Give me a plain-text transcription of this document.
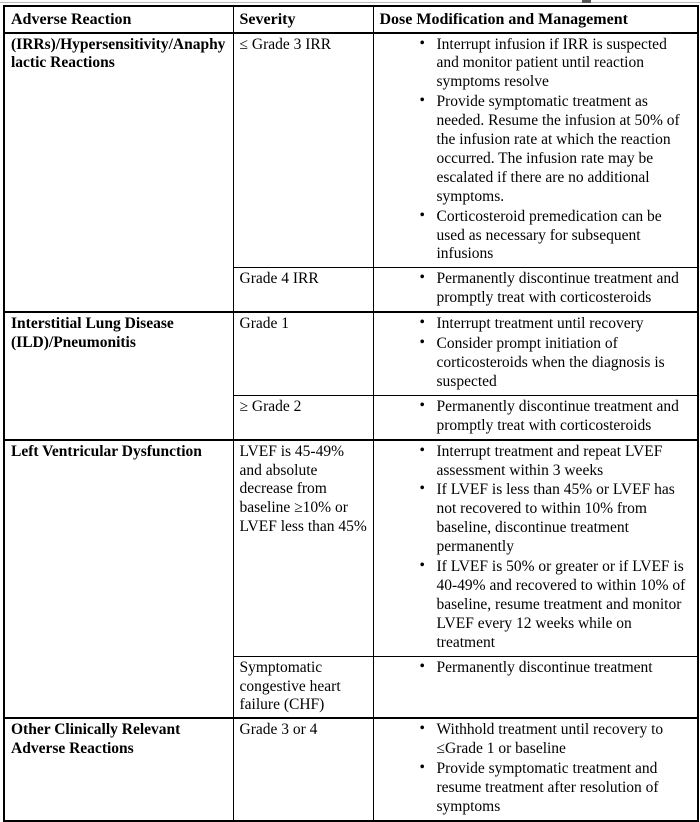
Adverse Reaction	Severity	Dose Modification and Management
(IRRs)/Hypersensitivity/Anaphylactic Reactions	≤ Grade 3 IRR	
•Interrupt infusion if IRR is suspected and monitor patient until reaction symptoms resolve
• Provide symptomatic treatment as needed. Resume the infusion at 50% of the infusion rate at which the reaction occurred. The infusion rate may be escalated if there are no additional symptoms.
• Corticosteroid premedication can be used as necessary for subsequent infusions

Grade 4 IRR	
•Permanently discontinue treatment and promptly treat with corticosteroids

Interstitial Lung Disease (ILD)/Pneumonitis	Grade 1	
•Interrupt treatment until recovery
• Consider prompt initiation of corticosteroids when the diagnosis is suspected

≥ Grade 2	
•Permanently discontinue treatment and promptly treat with corticosteroids

Left Ventricular Dysfunction	LVEF is 45-49% and absolute decrease from baseline ≥10% or LVEF less than 45%	
• Interrupt treatment and repeat LVEF assessment within 3 weeks
• If LVEF is less than 45% or LVEF has not recovered to within 10% from baseline, discontinue treatment permanently
• If LVEF is 50% or greater or if LVEF is 40-49% and recovered to within 10% of baseline, resume treatment and monitor LVEF every 12 weeks while on treatment

Symptomatic congestive heart failure (CHF)	
• Permanently discontinue treatment

Other Clinically Relevant Adverse Reactions	Grade 3 or 4	
•Withhold treatment until recovery to ≤Grade 1 or baseline
• Provide symptomatic treatment and resume treatment after resolution of symptoms
